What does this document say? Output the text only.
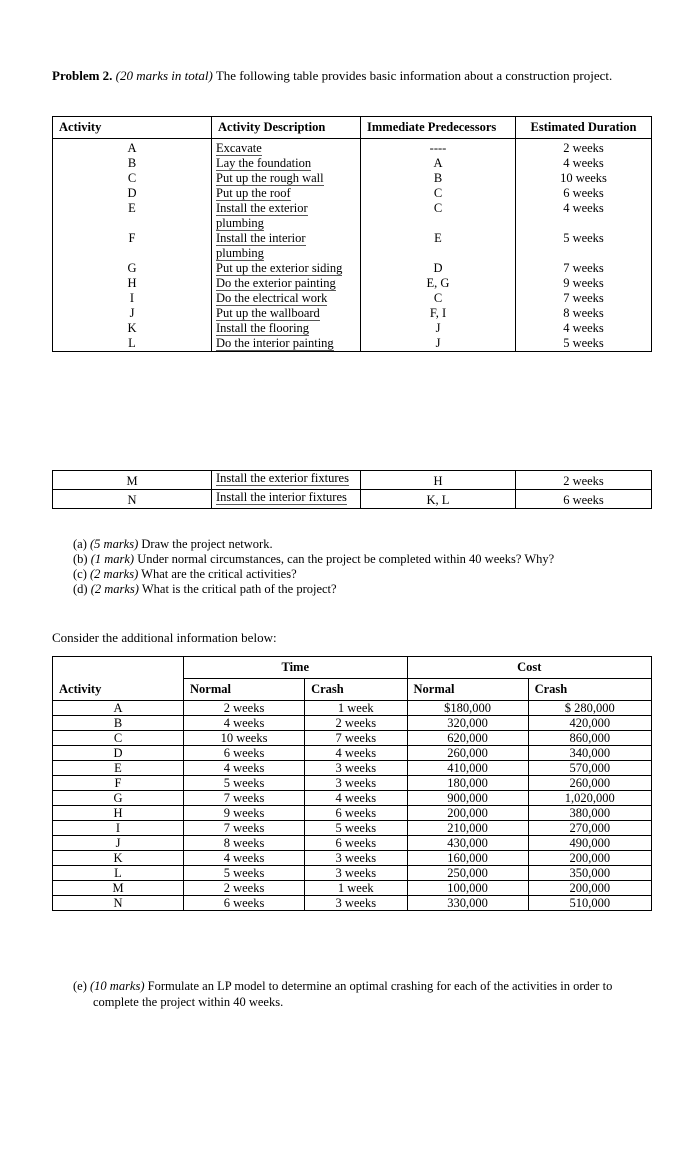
Problem 2. (20 marks in total) The following table provides basic information about a construction project.
Activity	Activity Description	Immediate Predecessors	Estimated Duration
A	Excavate	----	2 weeks
B	Lay the foundation	A	4 weeks
C	Put up the rough wall	B	10 weeks
D	Put up the roof	C	6 weeks
E	Install the exterior plumbing	C	4 weeks
F	Install the interior plumbing	E	5 weeks
G	Put up the exterior siding	D	7 weeks
H	Do the exterior painting	E, G	9 weeks
I	Do the electrical work	C	7 weeks
J	Put up the wallboard	F, I	8 weeks
K	Install the flooring	J	4 weeks
L	Do the interior painting	J	5 weeks
M	Install the exterior fixtures	H	2 weeks
N	Install the interior fixtures	K, L	6 weeks
(a) (5 marks) Draw the project network.
(b) (1 mark) Under normal circumstances, can the project be completed within 40 weeks? Why?
(c) (2 marks) What are the critical activities?
(d) (2 marks) What is the critical path of the project?
Consider the additional information below:
Activity	Time		Cost	
	Normal	Crash	Normal	Crash
A	2 weeks	1 week	$180,000	$ 280,000
B	4 weeks	2 weeks	320,000	420,000
C	10 weeks	7 weeks	620,000	860,000
D	6 weeks	4 weeks	260,000	340,000
E	4 weeks	3 weeks	410,000	570,000
F	5 weeks	3 weeks	180,000	260,000
G	7 weeks	4 weeks	900,000	1,020,000
H	9 weeks	6 weeks	200,000	380,000
I	7 weeks	5 weeks	210,000	270,000
J	8 weeks	6 weeks	430,000	490,000
K	4 weeks	3 weeks	160,000	200,000
L	5 weeks	3 weeks	250,000	350,000
M	2 weeks	1 week	100,000	200,000
N	6 weeks	3 weeks	330,000	510,000
(e) (10 marks) Formulate an LP model to determine an optimal crashing for each of the activities in order to complete the project within 40 weeks.
